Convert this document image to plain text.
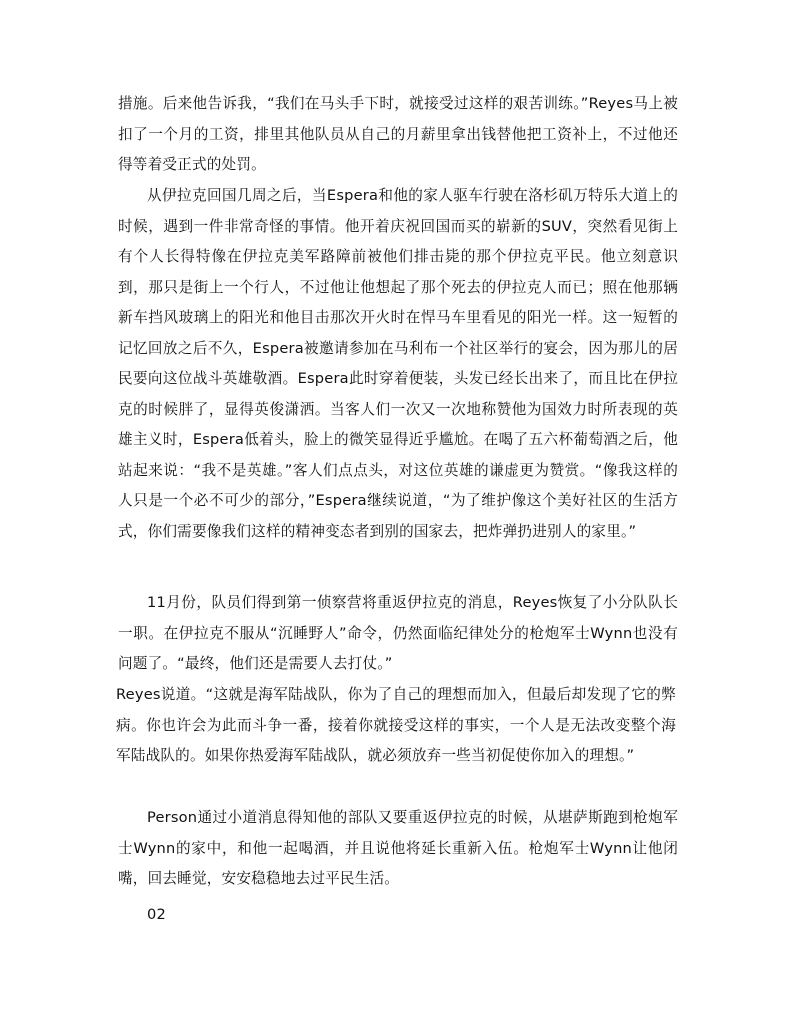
措施。后来他告诉我，“我们在马头手下时，就接受过这样的艰苦训练。”Reyes马上被扣了一个月的工资，排里其他队员从自己的月薪里拿出钱替他把工资补上，不过他还得等着受正式的处罚。

从伊拉克回国几周之后，当Espera和他的家人驱车行驶在洛杉矶万特乐大道上的时候，遇到一件非常奇怪的事情。他开着庆祝回国而买的崭新的SUV，突然看见街上有个人长得特像在伊拉克美军路障前被他们排击毙的那个伊拉克平民。他立刻意识到，那只是街上一个行人，不过他让他想起了那个死去的伊拉克人而已；照在他那辆新车挡风玻璃上的阳光和他目击那次开火时在悍马车里看见的阳光一样。这一短暂的记忆回放之后不久，Espera被邀请参加在马利布一个社区举行的宴会，因为那儿的居民要向这位战斗英雄敬酒。Espera此时穿着便装，头发已经长出来了，而且比在伊拉克的时候胖了，显得英俊潇洒。当客人们一次又一次地称赞他为国效力时所表现的英雄主义时，Espera低着头，脸上的微笑显得近乎尴尬。在喝了五六杯葡萄酒之后，他站起来说：“我不是英雄。”客人们点点头，对这位英雄的谦虚更为赞赏。“像我这样的人只是一个必不可少的部分，”Espera继续说道，“为了维护像这个美好社区的生活方式，你们需要像我们这样的精神变态者到别的国家去，把炸弹扔进别人的家里。”

11月份，队员们得到第一侦察营将重返伊拉克的消息，Reyes恢复了小分队队长一职。在伊拉克不服从“沉睡野人”命令，仍然面临纪律处分的枪炮军士Wynn也没有问题了。“最终，他们还是需要人去打仗。”

Reyes说道。“这就是海军陆战队，你为了自己的理想而加入，但最后却发现了它的弊病。你也许会为此而斗争一番，接着你就接受这样的事实，一个人是无法改变整个海军陆战队的。如果你热爱海军陆战队，就必须放弃一些当初促使你加入的理想。”

Person通过小道消息得知他的部队又要重返伊拉克的时候，从堪萨斯跑到枪炮军士Wynn的家中，和他一起喝酒，并且说他将延长重新入伍。枪炮军士Wynn让他闭嘴，回去睡觉，安安稳稳地去过平民生活。

02
